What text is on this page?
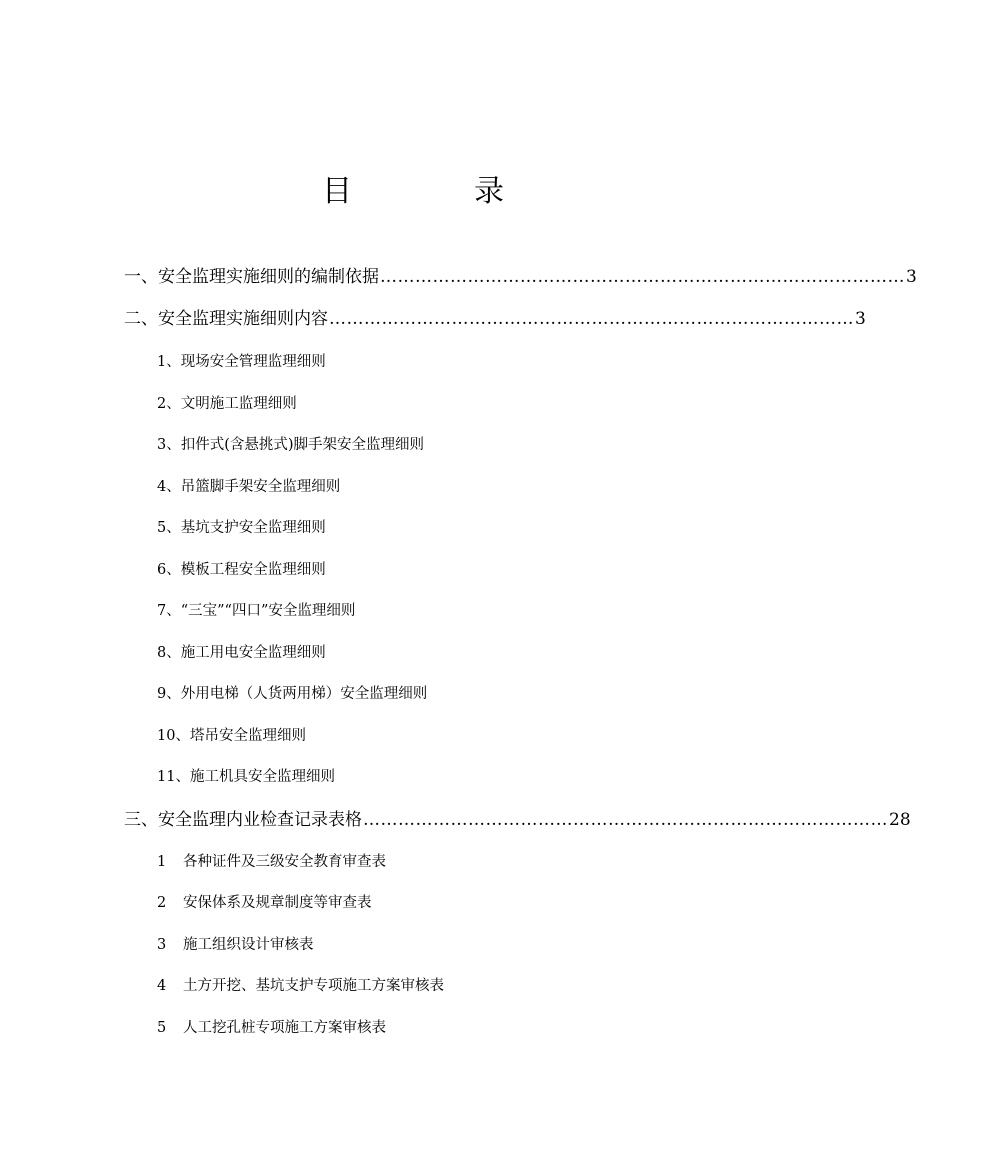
目	录
一、安全监理实施细则的编制依据 ……………………………………………………………………………… 3
二、安全监理实施细则内容 ……………………………………………………………………………… 3
1、现场安全管理监理细则
2、文明施工监理细则
3、扣件式(含悬挑式)脚手架安全监理细则
4、吊篮脚手架安全监理细则
5、基坑支护安全监理细则
6、模板工程安全监理细则
7、“三宝”“四口”安全监理细则
8、施工用电安全监理细则
9、外用电梯（人货两用梯）安全监理细则
10、塔吊安全监理细则
11、施工机具安全监理细则
三、安全监理内业检查记录表格 ……………………………………………………………………………… 28
1 各种证件及三级安全教育审查表
2 安保体系及规章制度等审查表
3 施工组织设计审核表
4 土方开挖、基坑支护专项施工方案审核表
5 人工挖孔桩专项施工方案审核表
